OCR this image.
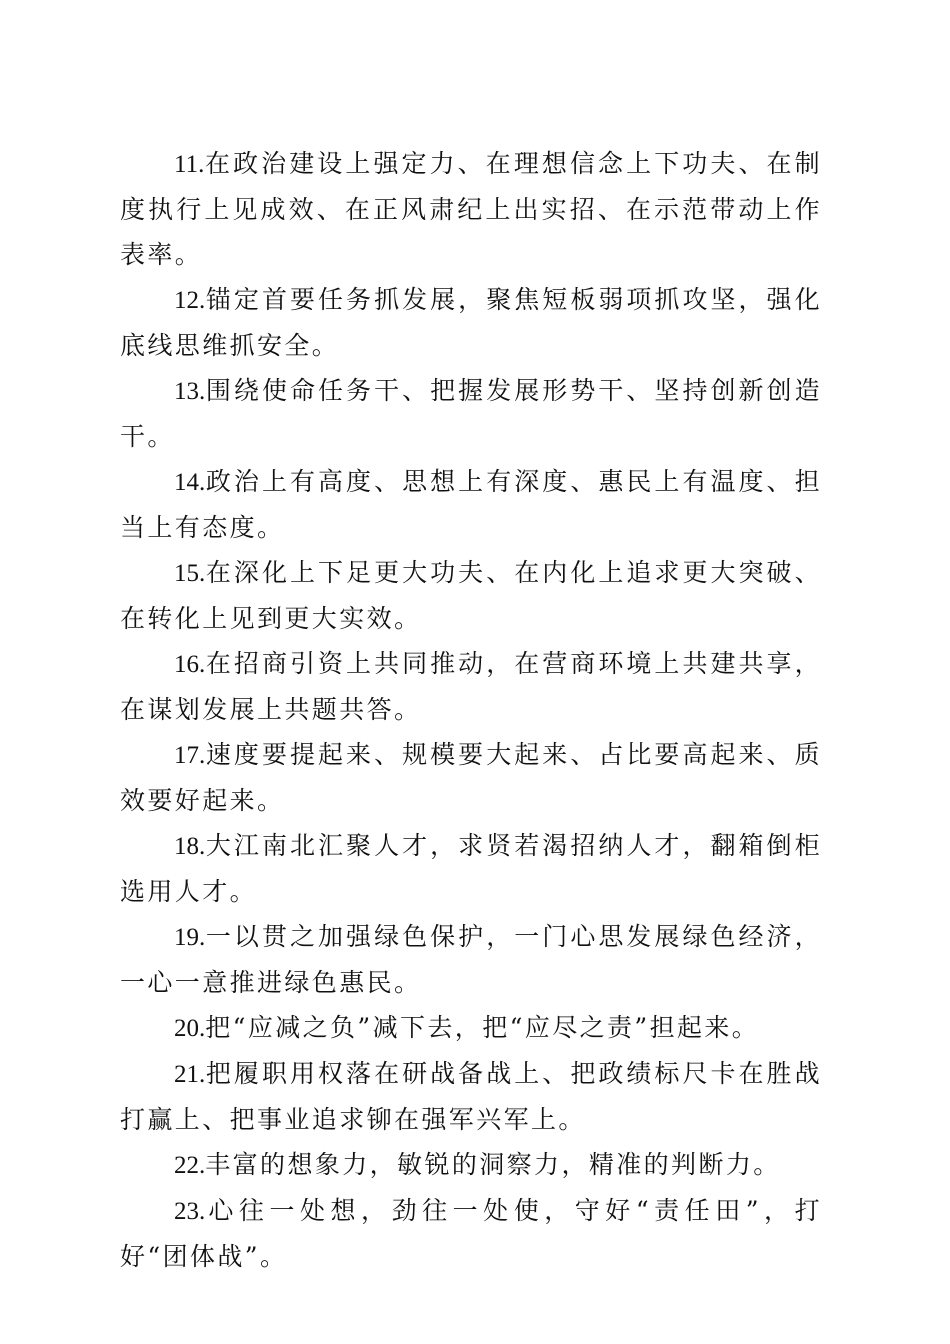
11.在政治建设上强定力、在理想信念上下功夫、在制度执行上见成效、在正风肃纪上出实招、在示范带动上作表率。

12.锚定首要任务抓发展，聚焦短板弱项抓攻坚，强化底线思维抓安全。

13.围绕使命任务干、把握发展形势干、坚持创新创造干。

14.政治上有高度、思想上有深度、惠民上有温度、担当上有态度。

15.在深化上下足更大功夫、在内化上追求更大突破、在转化上见到更大实效。

16.在招商引资上共同推动，在营商环境上共建共享，在谋划发展上共题共答。

17.速度要提起来、规模要大起来、占比要高起来、质效要好起来。

18.大江南北汇聚人才，求贤若渴招纳人才，翻箱倒柜选用人才。

19.一以贯之加强绿色保护，一门心思发展绿色经济，一心一意推进绿色惠民。

20.把“应减之负”减下去，把“应尽之责”担起来。

21.把履职用权落在研战备战上、把政绩标尺卡在胜战打赢上、把事业追求铆在强军兴军上。

22.丰富的想象力，敏锐的洞察力，精准的判断力。

23.心往一处想，劲往一处使，守好“责任田”，打好“团体战”。
